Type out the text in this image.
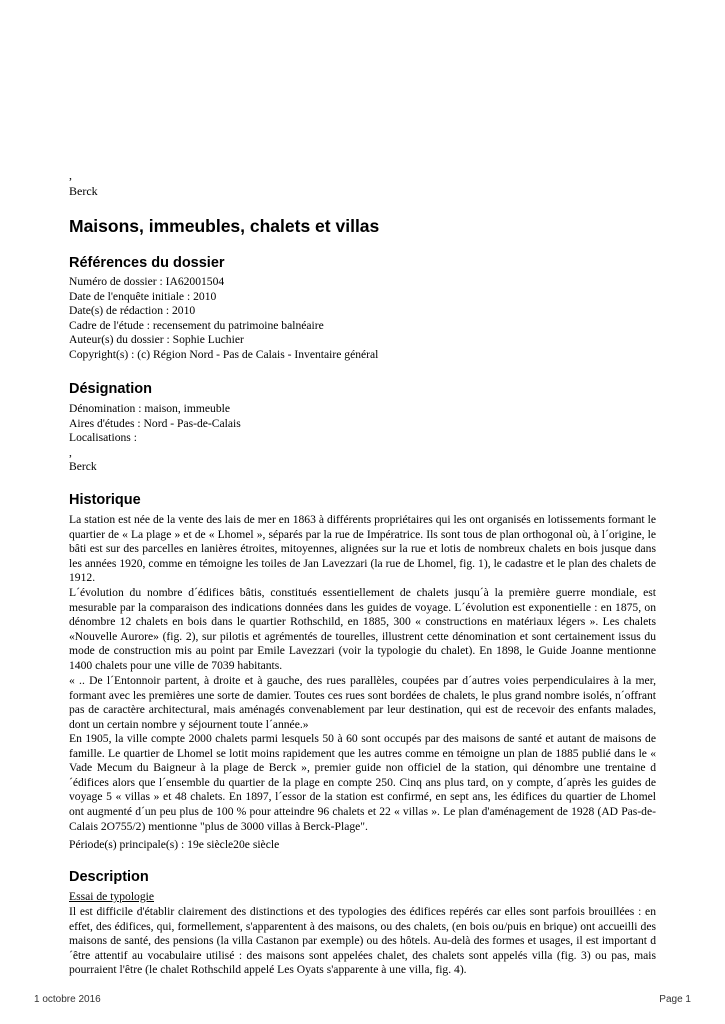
,
Berck
Maisons, immeubles, chalets et villas
Références du dossier
Numéro de dossier : IA62001504
Date de l'enquête initiale : 2010
Date(s) de rédaction : 2010
Cadre de l'étude : recensement du patrimoine balnéaire
Auteur(s) du dossier : Sophie Luchier
Copyright(s) : (c) Région Nord - Pas de Calais - Inventaire général
Désignation
Dénomination : maison, immeuble
Aires d'études : Nord - Pas-de-Calais
Localisations :
,
Berck
Historique

La station est née de la vente des lais de mer en 1863 à différents propriétaires qui les ont organisés en lotissements formant le quartier de « La plage » et de « Lhomel », séparés par la rue de Impératrice. Ils sont tous de plan orthogonal où, à l´origine, le bâti est sur des parcelles en lanières étroites, mitoyennes, alignées sur la rue et lotis de nombreux chalets en bois jusque dans les années 1920, comme en témoigne les toiles de Jan Lavezzari (la rue de Lhomel, fig. 1), le cadastre et le plan des chalets de 1912.

L´évolution du nombre d´édifices bâtis, constitués essentiellement de chalets jusqu´à la première guerre mondiale, est mesurable par la comparaison des indications données dans les guides de voyage. L´évolution est exponentielle : en 1875, on dénombre 12 chalets en bois dans le quartier Rothschild, en 1885, 300 « constructions en matériaux légers ». Les chalets «Nouvelle Aurore» (fig. 2), sur pilotis et agrémentés de tourelles, illustrent cette dénomination et sont certainement issus du mode de construction mis au point par Emile Lavezzari (voir la typologie du chalet). En 1898, le Guide Joanne mentionne 1400 chalets pour une ville de 7039 habitants.

« .. De l´Entonnoir partent, à droite et à gauche, des rues parallèles, coupées par d´autres voies perpendiculaires à la mer, formant avec les premières une sorte de damier. Toutes ces rues sont bordées de chalets, le plus grand nombre isolés, n´offrant pas de caractère architectural, mais aménagés convenablement par leur destination, qui est de recevoir des enfants malades, dont un certain nombre y séjournent toute l´année.»

En 1905, la ville compte 2000 chalets parmi lesquels 50 à 60 sont occupés par des maisons de santé et autant de maisons de famille. Le quartier de Lhomel se lotit moins rapidement que les autres comme en témoigne un plan de 1885 publié dans le « Vade Mecum du Baigneur à la plage de Berck », premier guide non officiel de la station, qui dénombre une trentaine d´édifices alors que l´ensemble du quartier de la plage en compte 250. Cinq ans plus tard, on y compte, d´après les guides de voyage 5 « villas » et 48 chalets. En 1897, l´essor de la station est confirmé, en sept ans, les édifices du quartier de Lhomel ont augmenté d´un peu plus de 100 % pour atteindre 96 chalets et 22 « villas ». Le plan d'aménagement de 1928 (AD Pas-de-Calais 2O755/2) mentionne "plus de 3000 villas à Berck-Plage".

Période(s) principale(s) : 19e siècle20e siècle

Description

Essai de typologie

Il est difficile d'établir clairement des distinctions et des typologies des édifices repérés car elles sont parfois brouillées : en effet, des édifices, qui, formellement, s'apparentent à des maisons, ou des chalets, (en bois ou/puis en brique) ont accueilli des maisons de santé, des pensions (la villa Castanon par exemple) ou des hôtels. Au-delà des formes et usages, il est important d´être attentif au vocabulaire utilisé : des maisons sont appelées chalet, des chalets sont appelés villa (fig. 3) ou pas, mais pourraient l'être (le chalet Rothschild appelé Les Oyats s'apparente à une villa, fig. 4).

1 octobre 2016	Page 1
